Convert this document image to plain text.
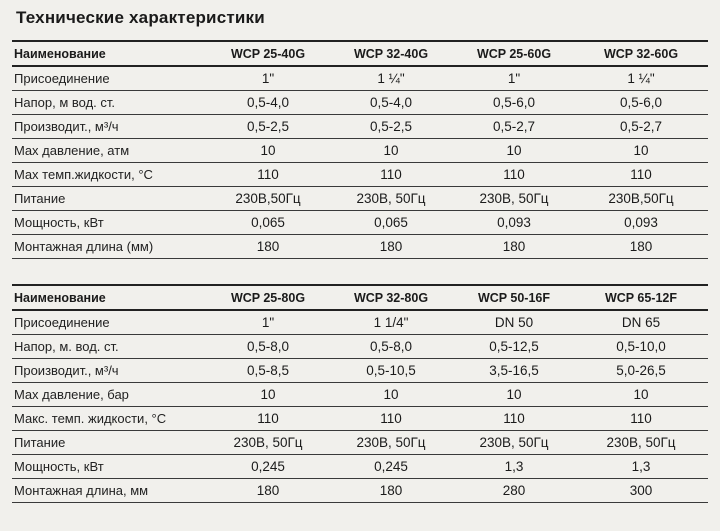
Технические характеристики
Наименование	WCP 25-40G	WCP 32-40G	WCP 25-60G	WCP 32-60G
Присоединение	1"	1 ¼"	1"	1 ¼"
Напор, м вод. ст.	0,5-4,0	0,5-4,0	0,5-6,0	0,5-6,0
Производит., м³/ч	0,5-2,5	0,5-2,5	0,5-2,7	0,5-2,7
Max давление, атм	10	10	10	10
Max темп.жидкости, °С	110	110	110	110
Питание	230В,50Гц	230В, 50Гц	230В, 50Гц	230В,50Гц
Мощность, кВт	0,065	0,065	0,093	0,093
Монтажная длина (мм)	180	180	180	180
Наименование	WCP 25-80G	WCP 32-80G	WCP 50-16F	WCP 65-12F
Присоединение	1"	1 1/4"	DN 50	DN 65
Напор, м. вод. ст.	0,5-8,0	0,5-8,0	0,5-12,5	0,5-10,0
Производит., м³/ч	0,5-8,5	0,5-10,5	3,5-16,5	5,0-26,5
Max давление, бар	10	10	10	10
Макс. темп. жидкости, °С	110	110	110	110
Питание	230В, 50Гц	230В, 50Гц	230В, 50Гц	230В, 50Гц
Мощность, кВт	0,245	0,245	1,3	1,3
Монтажная длина, мм	180	180	280	300
